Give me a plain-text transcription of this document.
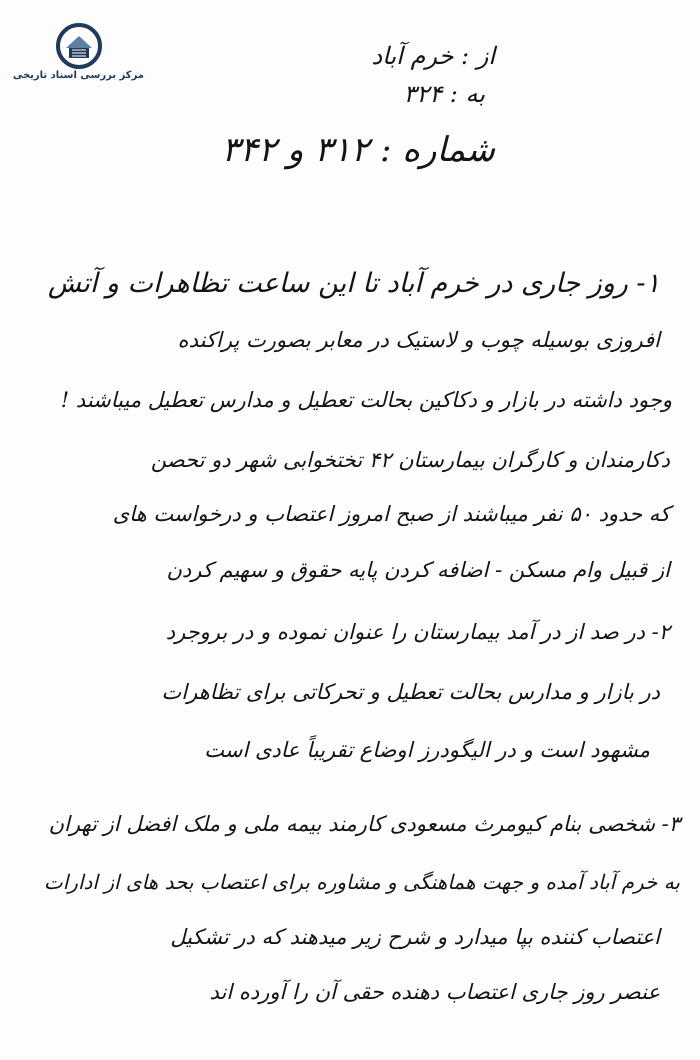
مرکز بررسی اسناد تاریخی
از : خرم آباد
به : ۳۲۴
شماره : ۳۱۲ و ۳۴۲
۱- روز جاری در خرم آباد تا این ساعت تظاهرات و آتش
افروزی بوسیله چوب و لاستیک در معابر بصورت پراکنده
وجود داشته در بازار و دکاکین بحالت تعطیل و مدارس تعطیل میباشند !
دکارمندان و کارگران بیمارستان ۴۲ تختخوابی شهر دو تحصن
که حدود ۵۰ نفر میباشند از صبح امروز اعتصاب و درخواست های
از قبیل وام مسکن - اضافه کردن پایه حقوق و سهیم کردن
۲- در صد از در آمد بیمارستان را عنوان نموده و در بروجرد
در بازار و مدارس بحالت تعطیل و تحرکاتی برای تظاهرات
مشهود است و در الیگودرز اوضاع تقریباً عادی است
۳- شخصی بنام کیومرث مسعودی کارمند بیمه ملی و ملک افضل از تهران
به خرم آباد آمده و جهت هماهنگی و مشاوره برای اعتصاب بحد های از ادارات
اعتصاب کننده بپا میدارد و شرح زیر میدهند که در تشکیل
عنصر روز جاری اعتصاب دهنده حقی آن را آورده اند
